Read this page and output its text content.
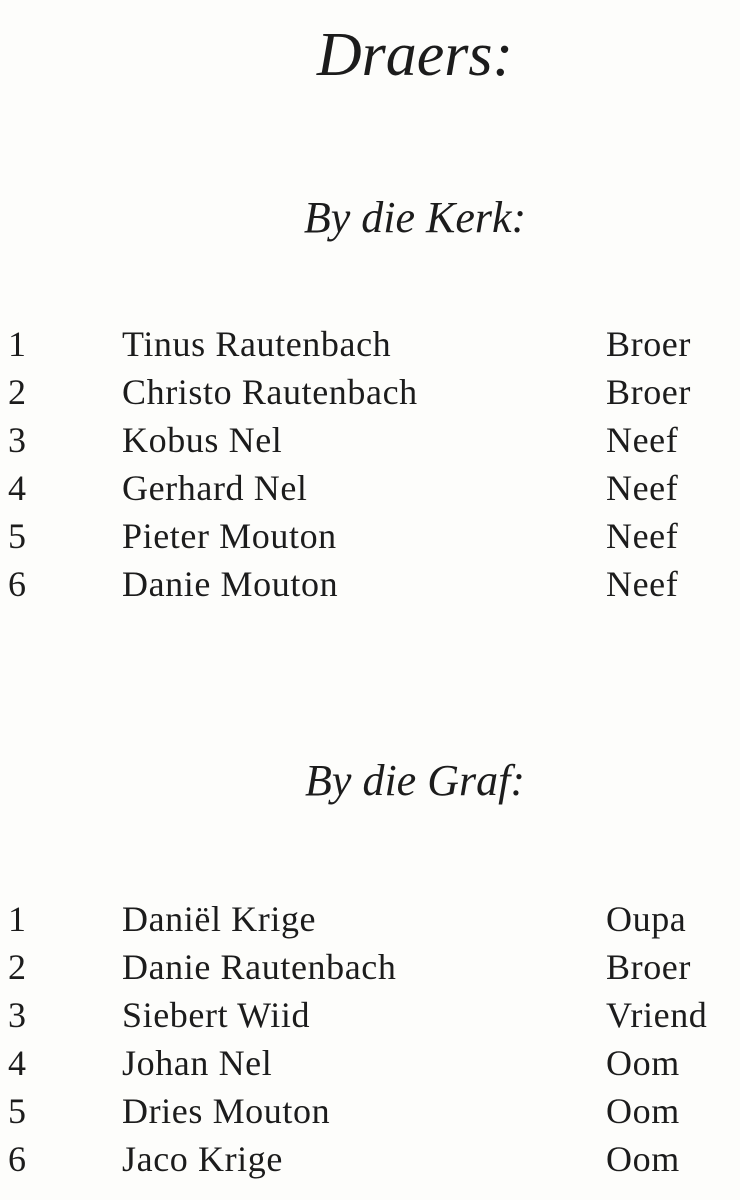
Draers:
By die Kerk:
1	Tinus Rautenbach	Broer
2	Christo Rautenbach	Broer
3	Kobus Nel	Neef
4	Gerhard Nel	Neef
5	Pieter Mouton	Neef
6	Danie Mouton	Neef
By die Graf:
1	Daniël Krige	Oupa
2	Danie Rautenbach	Broer
3	Siebert Wiid	Vriend
4	Johan Nel	Oom
5	Dries Mouton	Oom
6	Jaco Krige	Oom
